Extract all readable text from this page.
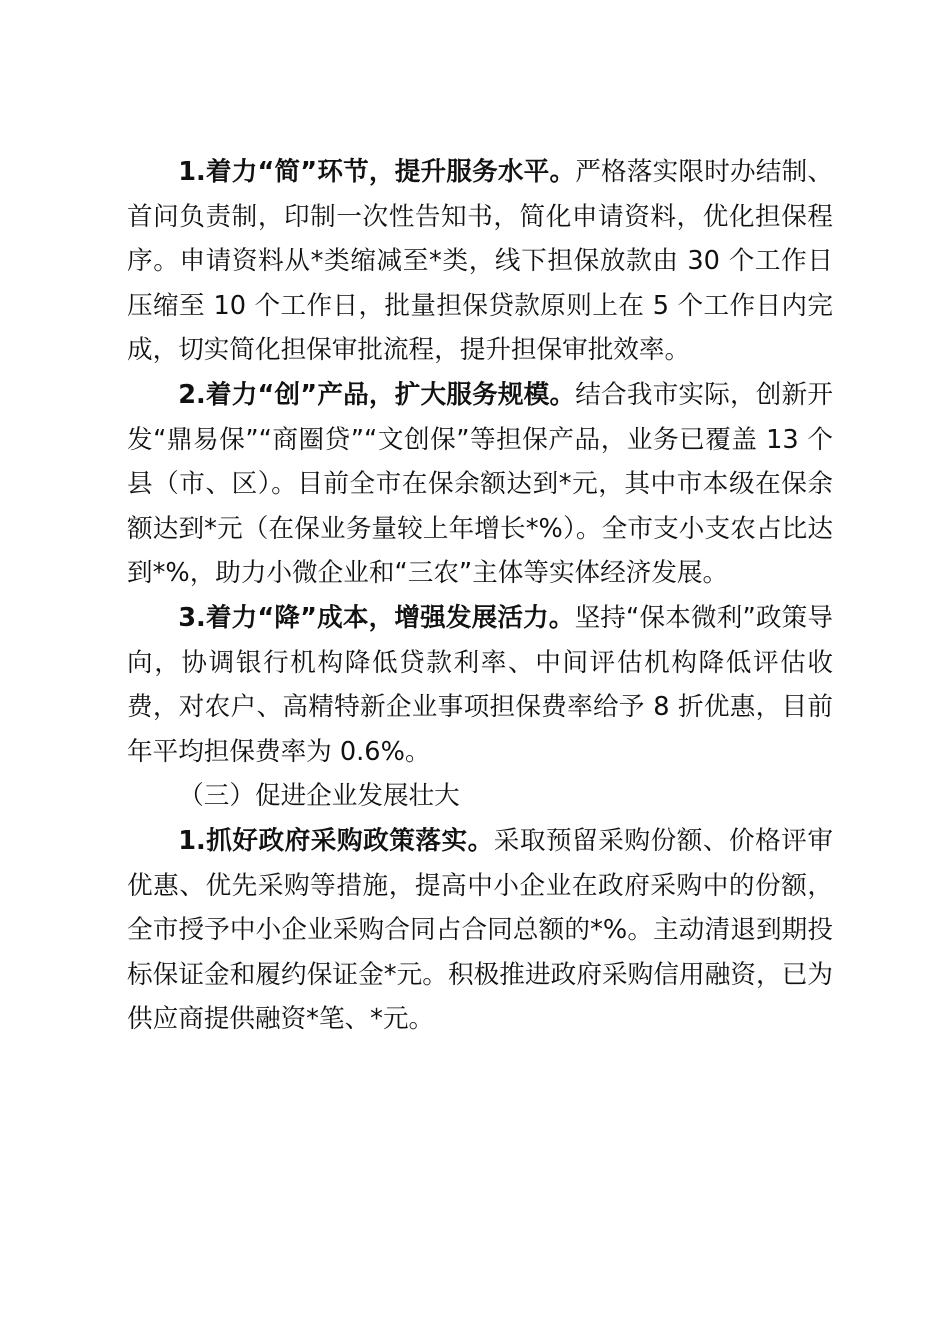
1.着力“简”环节，提升服务水平。严格落实限时办结制、首问负责制，印制一次性告知书，简化申请资料，优化担保程序。申请资料从*类缩减至*类，线下担保放款由 30 个工作日压缩至 10 个工作日，批量担保贷款原则上在 5 个工作日内完成，切实简化担保审批流程，提升担保审批效率。

2.着力“创”产品，扩大服务规模。结合我市实际，创新开发“鼎易保”“商圈贷”“文创保”等担保产品，业务已覆盖 13 个县（市、区）。目前全市在保余额达到*元，其中市本级在保余额达到*元（在保业务量较上年增长*%）。全市支小支农占比达到*%，助力小微企业和“三农”主体等实体经济发展。

3.着力“降”成本，增强发展活力。坚持“保本微利”政策导向，协调银行机构降低贷款利率、中间评估机构降低评估收费，对农户、高精特新企业事项担保费率给予 8 折优惠，目前年平均担保费率为 0.6%。

（三）促进企业发展壮大

1.抓好政府采购政策落实。采取预留采购份额、价格评审优惠、优先采购等措施，提高中小企业在政府采购中的份额，全市授予中小企业采购合同占合同总额的*%。主动清退到期投标保证金和履约保证金*元。积极推进政府采购信用融资，已为供应商提供融资*笔、*元。
